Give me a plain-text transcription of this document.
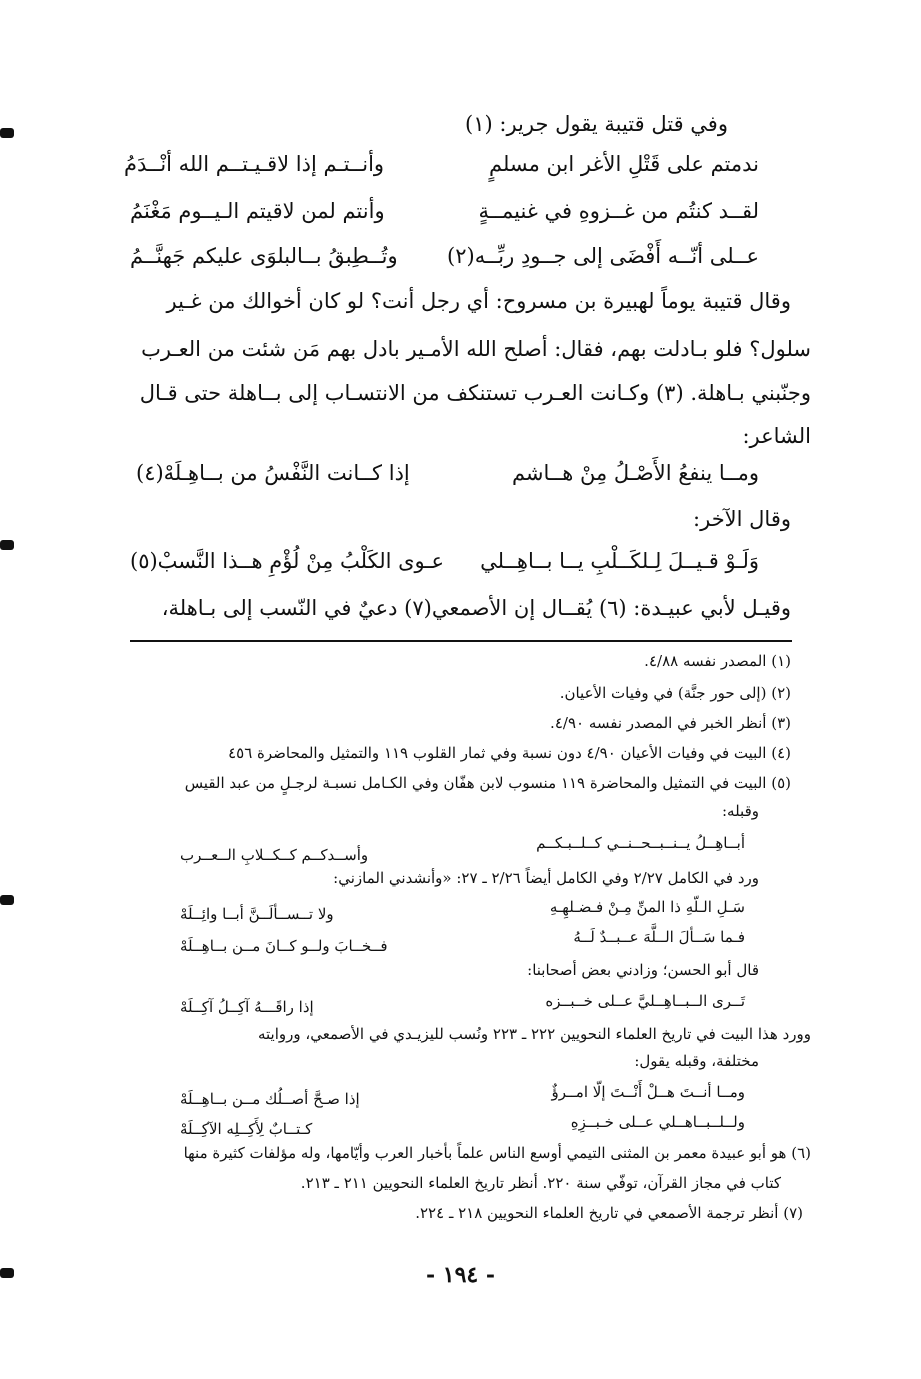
وفي قتل قتيبة يقول جرير: (١)
ندمتم على قَتْلِ الأغر ابن مسلمٍ
وأنــتـم إذا لاقـيـتــم الله أنْــدَمُ
لقــد كنتُم من غــزوهِ في غنيمــةٍ
وأنتم لمن لاقيتم الـيــوم مَغْنَمُ
عــلى أنّــه أَفْضَى إلى جــودِ ربِّــه(٢)
وتُــطِبقُ بــالبلوَى عليكم جَهنَّــمُ
وقال قتيبة يوماً لهبيرة بن مسروح: أي رجل أنت؟ لو كان أخوالك من غـير
سلول؟ فلو بـادلت بهم، فقال: أصلح الله الأمـير بادل بهم مَن شئت من العـرب
وجنّبني بـاهلة. (٣) وكـانت العـرب تستنكف من الانتسـاب إلى بــاهلة حتى قـال
الشاعر:
ومــا ينفعُ الأَصْـلُ مِنْ هــاشم
إذا كــانت النَّفْسُ من بــاهِـلَهْ(٤)
وقال الآخر:
وَلَـوْ قـيــلَ لِـلكَــلْبِ يــا بــاهِــلي
عـوى الكَلْبُ مِنْ لُؤْمِ هــذا النَّسبْ(٥)
وقيـل لأبي عبيـدة: (٦) يُقــال إن الأصمعي(٧) دعيٌ في النّسب إلى بـاهلة،
(١) المصدر نفسه ٤/٨٨.
(٢) (إلى حور جنَّة) في وفيات الأعيان.
(٣) أنظر الخبر في المصدر نفسه ٤/٩٠.
(٤) البيت في وفيات الأعيان ٤/٩٠ دون نسبة وفي ثمار القلوب ١١٩ والتمثيل والمحاضرة ٤٥٦
(٥) البيت في التمثيل والمحاضرة ١١٩ منسوب لابن هفّان وفي الكـامل نسبـة لرجـلٍ من عبد القيس
وقبله:
أبــاهِــلُ يــنــبــحــنــي كــلــبـكــم
وأســدكــم كــكــلابِ الــعــرب
ورد في الكامل ٢/٢٧ وفي الكامل أيضاً ٢/٢٦ ـ ٢٧: «وأنشدني المازني:
سَـلِ الـلّهِ ذا المنِّ مِـنْ فـضـلهِـهِ
ولا تــســألَــنَّ أبــا وائِــلَهْ
فـما سَــألَ الــلَّهَ عــبــدٌ لَــهُ
فــخــابَ ولــو كــانَ مــن بــاهِــلَهْ
قال أبو الحسن؛ وزادني بعض أصحابنا:
تَــرى الــبــاهِــليَّ عــلى خــبــزه
إذا راقَـــهُ آكِــلُ آكِــلَهْ
وورد هذا البيت في تاريخ العلماء النحويين ٢٢٢ ـ ٢٢٣ ونُسب لليزيـدي في الأصمعي، وروايته
مختلفة، وقبله يقول:
ومــا أنــتَ هــلْ أَنْــتَ إلّا امــرؤٌ
إذا صـحَّ أصــلُك مــن بــاهِــلَهْ
ولــلــبــاهــلي عــلى خـبــزِهِ
كـتــابٌ لِأَكِــلِه الآكِــلَهْ
(٦) هو أبو عبيدة معمر بن المثنى التيمي أوسع الناس علماً بأخبار العرب وأيّامها، وله مؤلفات كثيرة منها
كتاب في مجاز القرآن، توفّي سنة ٢٢٠. أنظر تاريخ العلماء النحويين ٢١١ ـ ٢١٣.
(٧) أنظر ترجمة الأصمعي في تاريخ العلماء النحويين ٢١٨ ـ ٢٢٤.
- ١٩٤ -
